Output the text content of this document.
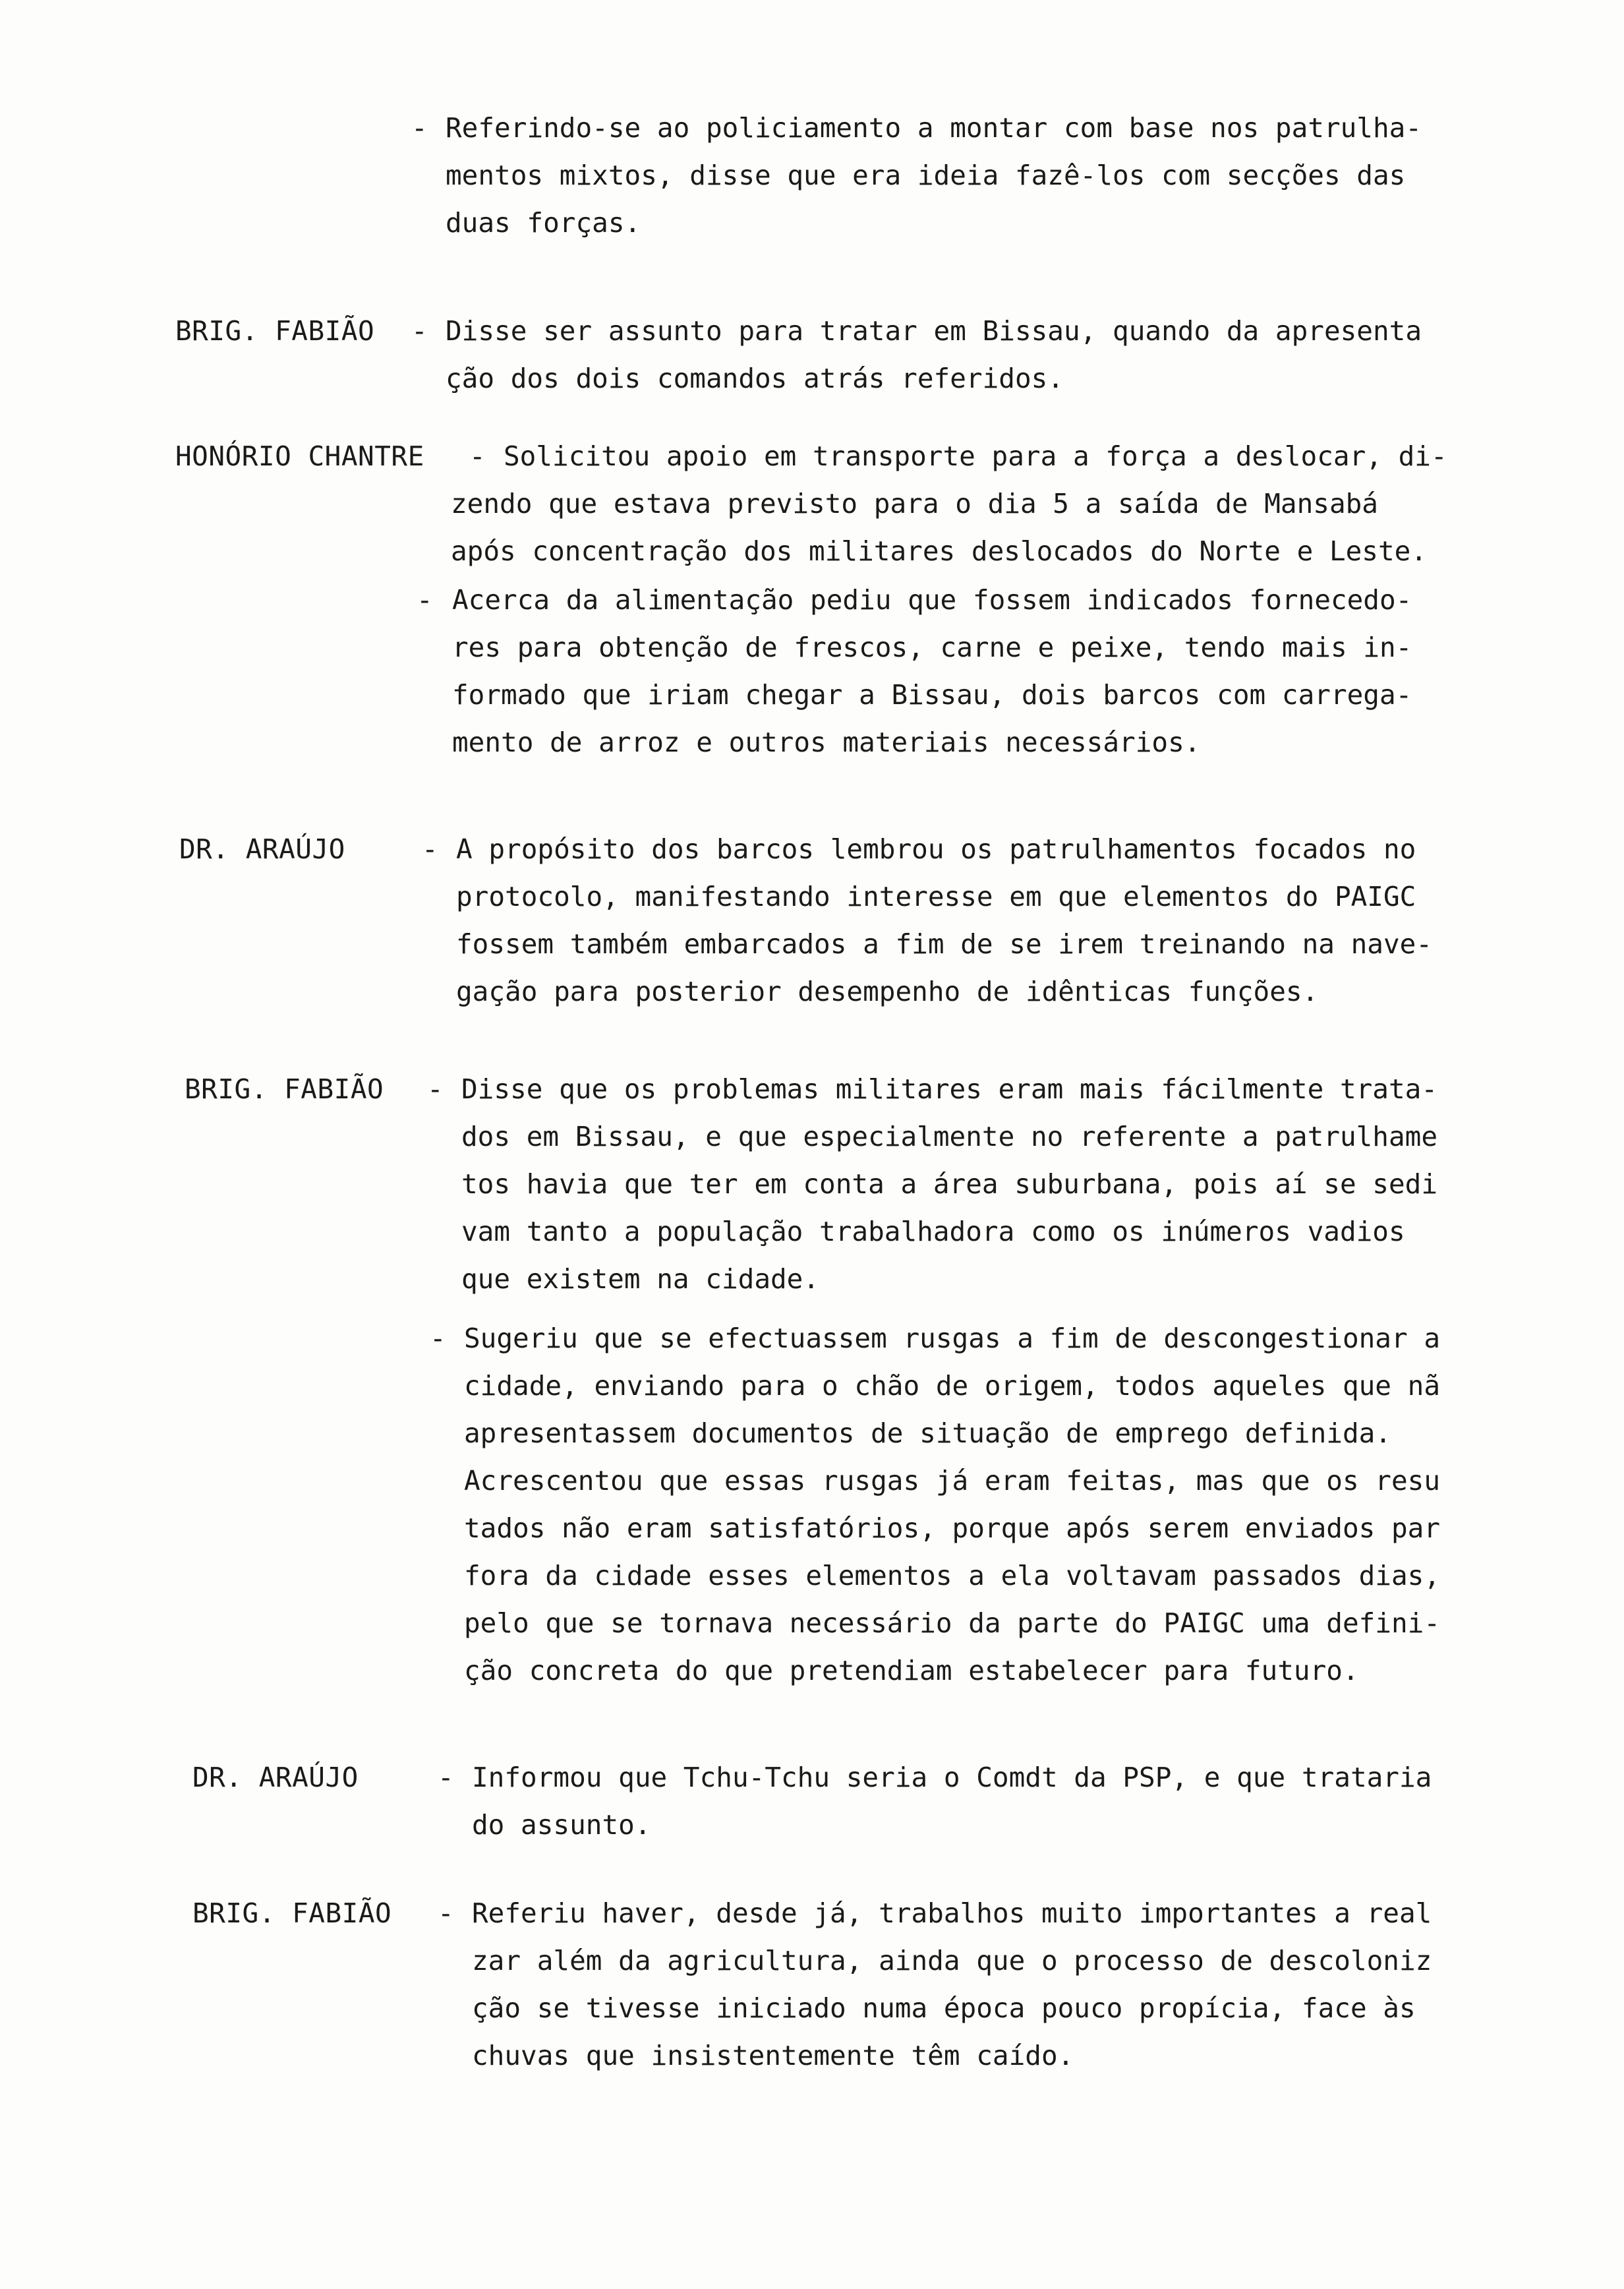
- Referindo-se ao policiamento a montar com base nos patrulha-
mentos mixtos, disse que era ideia fazê-los com secções das
duas forças.
BRIG. FABIÃO - Disse ser assunto para tratar em Bissau, quando da apresenta
ção dos dois comandos atrás referidos.
HONÓRIO CHANTRE - Solicitou apoio em transporte para a força a deslocar, di-
zendo que estava previsto para o dia 5 a saída de Mansabá
após concentração dos militares deslocados do Norte e Leste.
- Acerca da alimentação pediu que fossem indicados fornecedo-
res para obtenção de frescos, carne e peixe, tendo mais in-
formado que iriam chegar a Bissau, dois barcos com carrega-
mento de arroz e outros materiais necessários.
DR. ARAÚJO	- A propósito dos barcos lembrou os patrulhamentos focados no
protocolo, manifestando interesse em que elementos do PAIGC
fossem também embarcados a fim de se irem treinando na nave-
gação para posterior desempenho de idênticas funções.
BRIG. FABIÃO - Disse que os problemas militares eram mais fácilmente trata-
dos em Bissau, e que especialmente no referente a patrulhame
tos havia que ter em conta a área suburbana, pois aí se sedi
vam tanto a população trabalhadora como os inúmeros vadios
que existem na cidade.
- Sugeriu que se efectuassem rusgas a fim de descongestionar a
cidade, enviando para o chão de origem, todos aqueles que nã
apresentassem documentos de situação de emprego definida.
Acrescentou que essas rusgas já eram feitas, mas que os resu
tados não eram satisfatórios, porque após serem enviados par
fora da cidade esses elementos a ela voltavam passados dias,
pelo que se tornava necessário da parte do PAIGC uma defini-
ção concreta do que pretendiam estabelecer para futuro.
DR. ARAÚJO	- Informou que Tchu-Tchu seria o Comdt da PSP, e que trataria
do assunto.
BRIG. FABIÃO - Referiu haver, desde já, trabalhos muito importantes a real
zar além da agricultura, ainda que o processo de descoloniz
ção se tivesse iniciado numa época pouco propícia, face às
chuvas que insistentemente têm caído.
